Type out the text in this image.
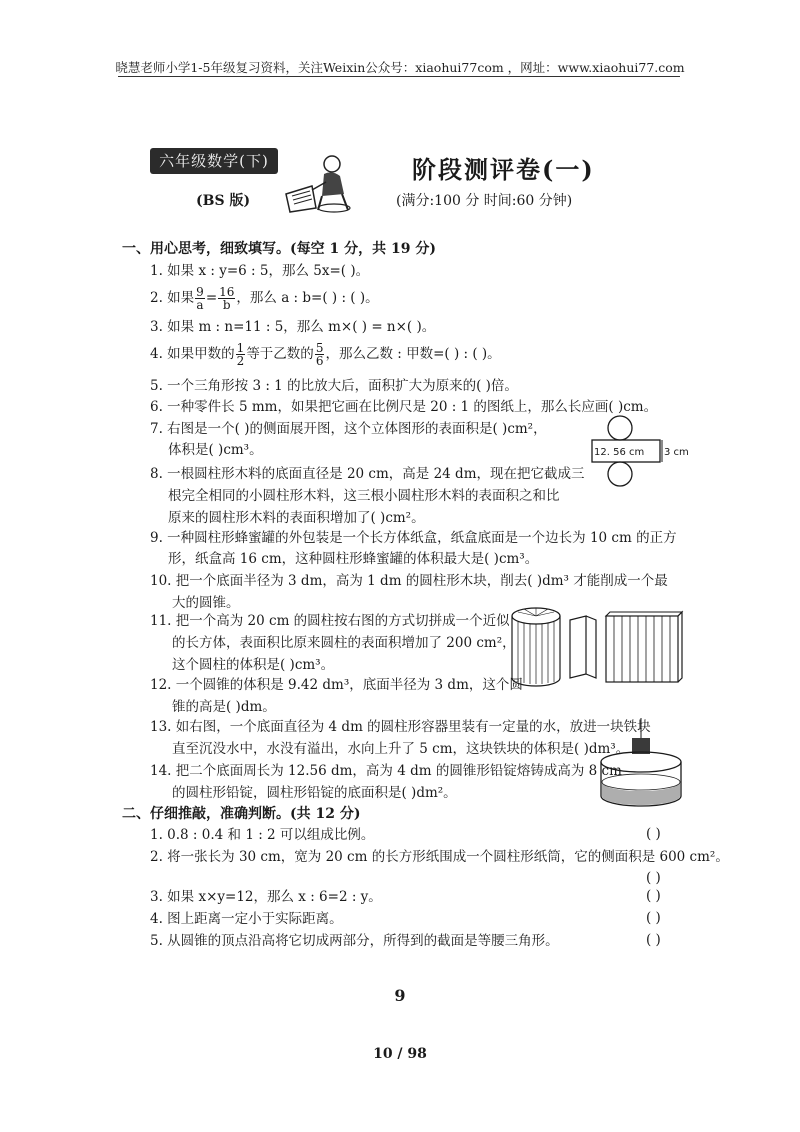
晓慧老师小学1-5年级复习资料，关注Weixin公众号：xiaohui77com ，网址：www.xiaohui77.com
六年级数学(下)
(BS 版)
阶段测评卷(一)
(满分:100 分 时间:60 分钟)
一、用心思考，细致填写。(每空 1 分，共 19 分)
1. 如果 x : y=6 : 5，那么 5x=( )。
2. 如果 $\frac{9}{a} = \frac{16}{b}$ ，那么 a : b=( ) : ( )。
3. 如果 m : n=11 : 5，那么 m×( ) = n×( )。
4. 如果甲数的 $\frac{1}{2}$ 等于乙数的 $\frac{5}{6}$ ，那么乙数 : 甲数=( ) : ( )。
5. 一个三角形按 3 : 1 的比放大后，面积扩大为原来的( )倍。
6. 一种零件长 5 mm，如果把它画在比例尺是 20 : 1 的图纸上，那么长应画( )cm。
7. 右图是一个( )的侧面展开图，这个立体图形的表面积是( )cm²，
体积是( )cm³。	12. 56 cm 3 cm
8. 一根圆柱形木料的底面直径是 20 cm，高是 24 dm，现在把它截成三
根完全相同的小圆柱形木料，这三根小圆柱形木料的表面积之和比
原来的圆柱形木料的表面积增加了( )cm²。
9. 一种圆柱形蜂蜜罐的外包装是一个长方体纸盒，纸盒底面是一个边长为 10 cm 的正方
形，纸盒高 16 cm，这种圆柱形蜂蜜罐的体积最大是( )cm³。
10. 把一个底面半径为 3 dm，高为 1 dm 的圆柱形木块，削去( )dm³ 才能削成一个最
大的圆锥。
11. 把一个高为 20 cm 的圆柱按右图的方式切拼成一个近似
的长方体，表面积比原来圆柱的表面积增加了 200 cm²，
这个圆柱的体积是( )cm³。
12. 一个圆锥的体积是 9.42 dm³，底面半径为 3 dm，这个圆
锥的高是( )dm。
13. 如右图，一个底面直径为 4 dm 的圆柱形容器里装有一定量的水，放进一块铁块
直至沉没水中，水没有溢出，水向上升了 5 cm，这块铁块的体积是( )dm³。
14. 把二个底面周长为 12.56 dm，高为 4 dm 的圆锥形铅锭熔铸成高为 8 cm
的圆柱形铅锭，圆柱形铅锭的底面积是( )dm²。
二、仔细推敲，准确判断。(共 12 分)
1. 0.8 : 0.4 和 1 : 2 可以组成比例。	( )
2. 将一张长为 30 cm，宽为 20 cm 的长方形纸围成一个圆柱形纸筒，它的侧面积是 600 cm²。
( )
3. 如果 x×y=12，那么 x : 6=2 : y。	( )
4. 图上距离一定小于实际距离。	( )
5. 从圆锥的顶点沿高将它切成两部分，所得到的截面是等腰三角形。	( )
9
10 / 98
